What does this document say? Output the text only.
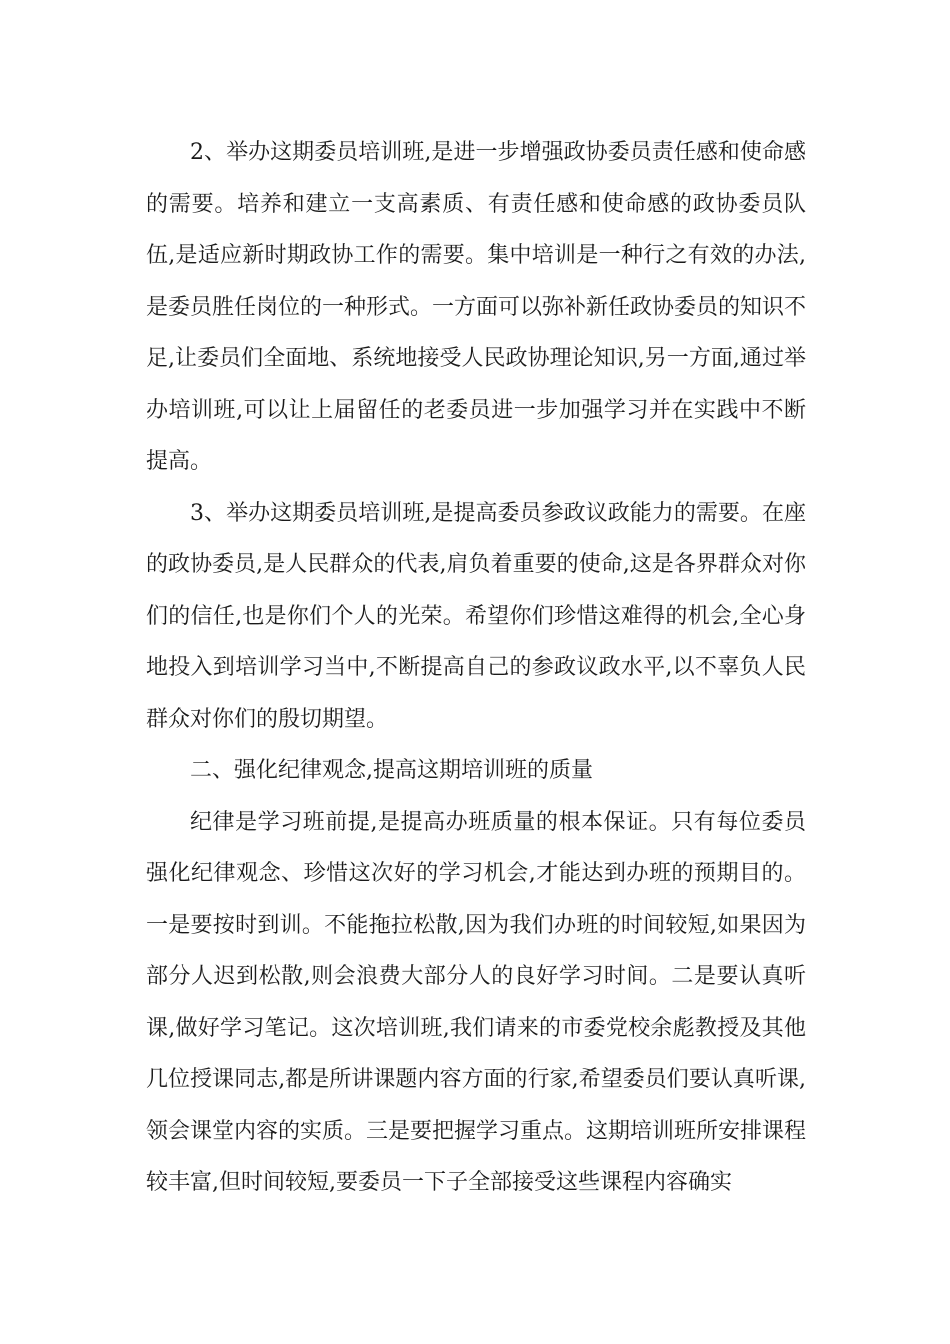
2、举办这期委员培训班,是进一步增强政协委员责任感和使命感的需要。培养和建立一支高素质、有责任感和使命感的政协委员队伍,是适应新时期政协工作的需要。集中培训是一种行之有效的办法,是委员胜任岗位的一种形式。一方面可以弥补新任政协委员的知识不足,让委员们全面地、系统地接受人民政协理论知识,另一方面,通过举办培训班,可以让上届留任的老委员进一步加强学习并在实践中不断提高。

3、举办这期委员培训班,是提高委员参政议政能力的需要。在座的政协委员,是人民群众的代表,肩负着重要的使命,这是各界群众对你们的信任,也是你们个人的光荣。希望你们珍惜这难得的机会,全心身地投入到培训学习当中,不断提高自己的参政议政水平,以不辜负人民群众对你们的殷切期望。

二、强化纪律观念,提高这期培训班的质量

纪律是学习班前提,是提高办班质量的根本保证。只有每位委员强化纪律观念、珍惜这次好的学习机会,才能达到办班的预期目的。一是要按时到训。不能拖拉松散,因为我们办班的时间较短,如果因为部分人迟到松散,则会浪费大部分人的良好学习时间。二是要认真听课,做好学习笔记。这次培训班,我们请来的市委党校余彪教授及其他几位授课同志,都是所讲课题内容方面的行家,希望委员们要认真听课,领会课堂内容的实质。三是要把握学习重点。这期培训班所安排课程较丰富,但时间较短,要委员一下子全部接受这些课程内容确实
